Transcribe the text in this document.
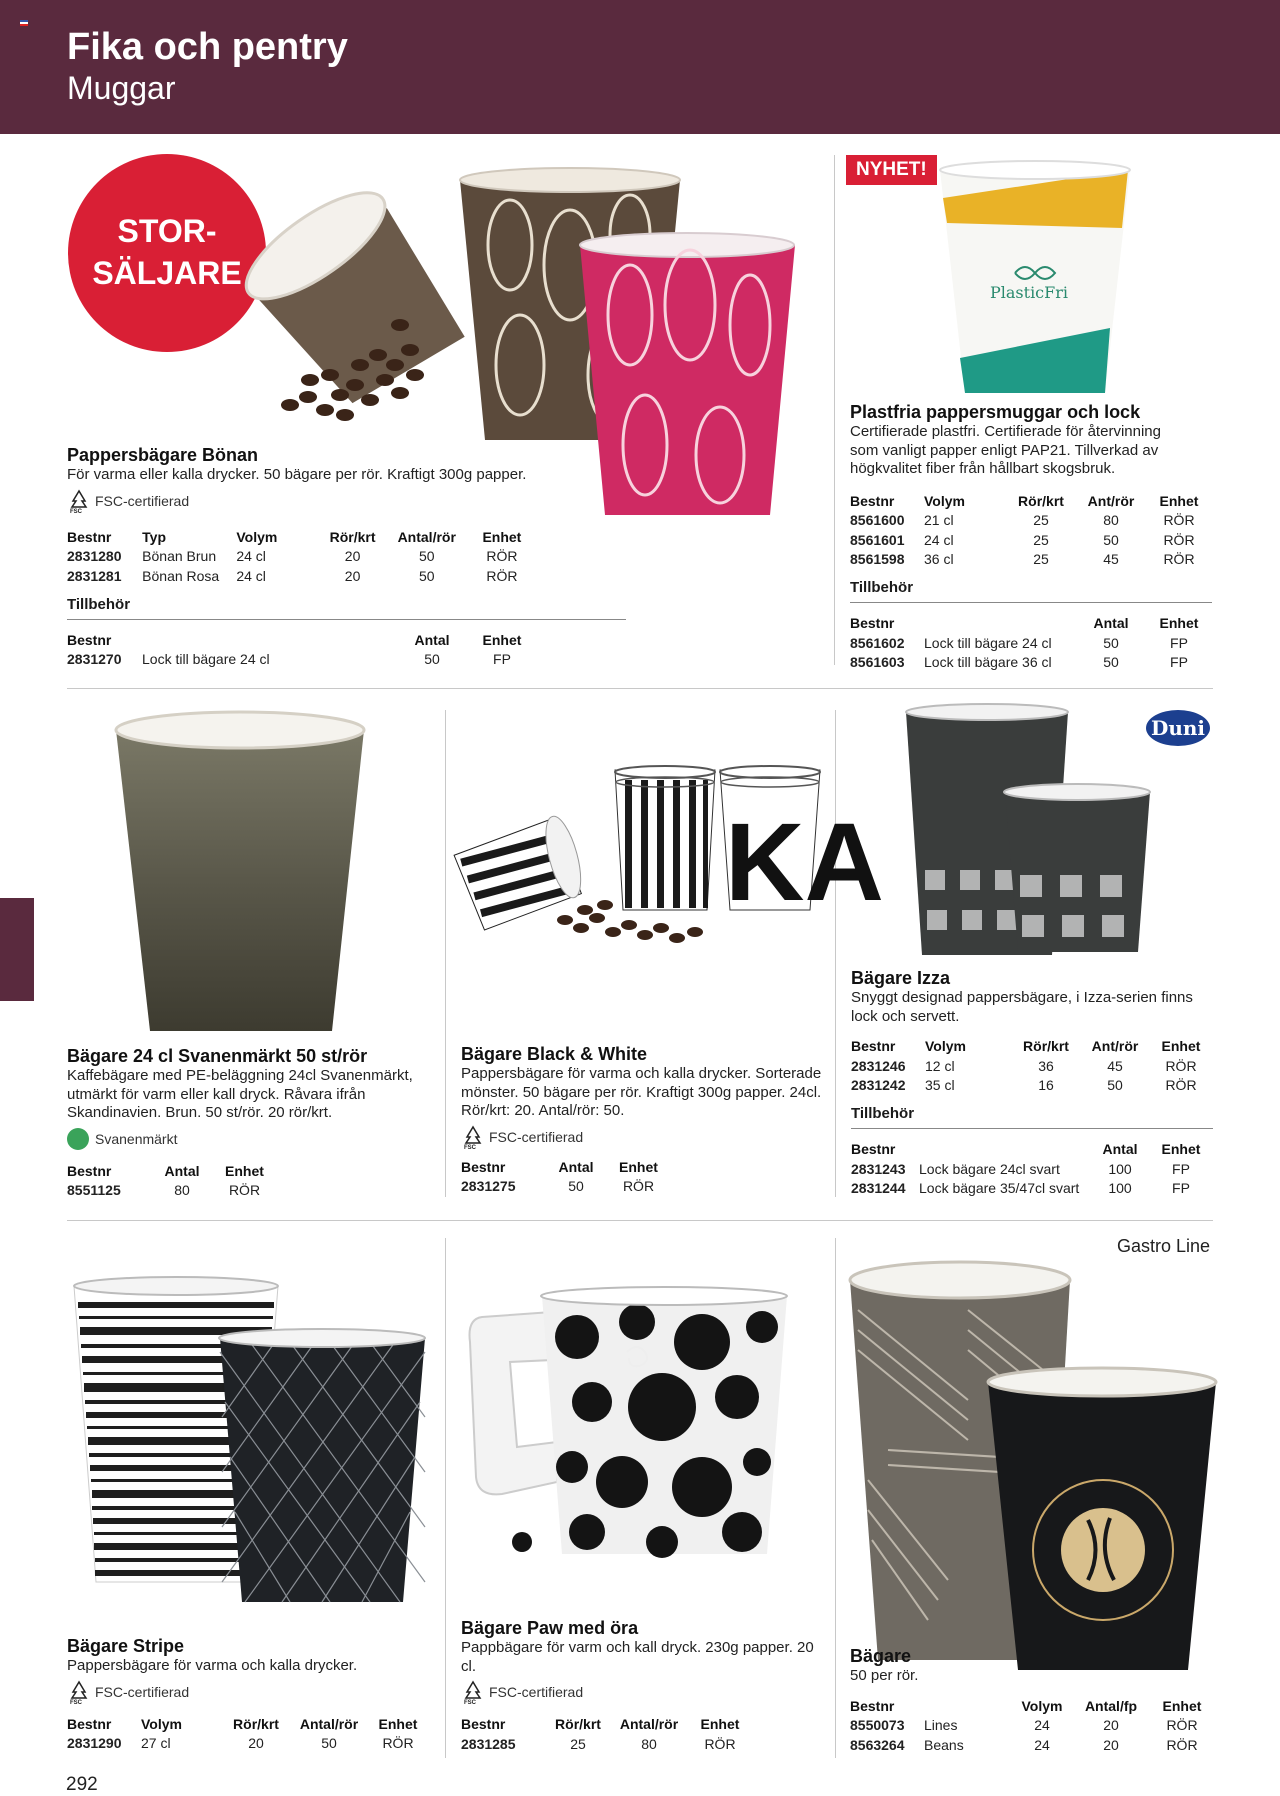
Fika och pentry
Muggar
STOR-
SÄLJARE
Pappersbägare Bönan
För varma eller kalla drycker. 50 bägare per rör. Kraftigt 300g papper.
FSC
FSC-certifierad
Bestnr	Typ	Volym	Rör/krt	Antal/rör	Enhet
2831280	Bönan Brun	24 cl	20	50	RÖR
2831281	Bönan Rosa	24 cl	20	50	RÖR
Tillbehör
Bestnr		Antal	Enhet
2831270	Lock till bägare 24 cl	50	FP
NYHET!
PlasticFri
Plastfria pappersmuggar och lock
Certifierade plastfri. Certifierade för återvinning som vanligt papper enligt PAP21. Tillverkad av högkvalitet fiber från hållbart skogsbruk.
Bestnr	Volym	Rör/krt	Ant/rör	Enhet
8561600	21 cl	25	80	RÖR
8561601	24 cl	25	50	RÖR
8561598	36 cl	25	45	RÖR
Tillbehör
Bestnr		Antal	Enhet
8561602	Lock till bägare 24 cl	50	FP
8561603	Lock till bägare 36 cl	50	FP
Bägare 24 cl Svanenmärkt 50 st/rör
Kaffebägare med PE-beläggning 24cl Svanenmärkt, utmärkt för varm eller kall dryck. Råvara ifrån Skandinavien. Brun. 50 st/rör. 20 rör/krt.
Svanenmärkt
Bestnr	Antal	Enhet
8551125	80	RÖR
KA
Bägare Black & White
Pappersbägare för varma och kalla drycker. Sorterade mönster. 50 bägare per rör. Kraftigt 300g papper. 24cl. Rör/krt: 20. Antal/rör: 50.
FSC
FSC-certifierad
Bestnr	Antal	Enhet
2831275	50	RÖR
Duni
Bägare Izza
Snyggt designad pappersbägare, i Izza-serien finns lock och servett.
Bestnr	Volym	Rör/krt	Ant/rör	Enhet
2831246	12 cl	36	45	RÖR
2831242	35 cl	16	50	RÖR
Tillbehör
Bestnr		Antal	Enhet
2831243	Lock bägare 24cl svart	100	FP
2831244	Lock bägare 35/47cl svart	100	FP
Bägare Stripe
Pappersbägare för varma och kalla drycker.
FSC
FSC-certifierad
Bestnr	Volym	Rör/krt	Antal/rör	Enhet
2831290	27 cl	20	50	RÖR
Bägare Paw med öra
Pappbägare för varm och kall dryck. 230g papper. 20 cl.
FSC
FSC-certifierad
Bestnr	Rör/krt	Antal/rör	Enhet
2831285	25	80	RÖR
Gastro Line
Bägare
50 per rör.
Bestnr		Volym	Antal/fp	Enhet
8550073	Lines	24	20	RÖR
8563264	Beans	24	20	RÖR
292
